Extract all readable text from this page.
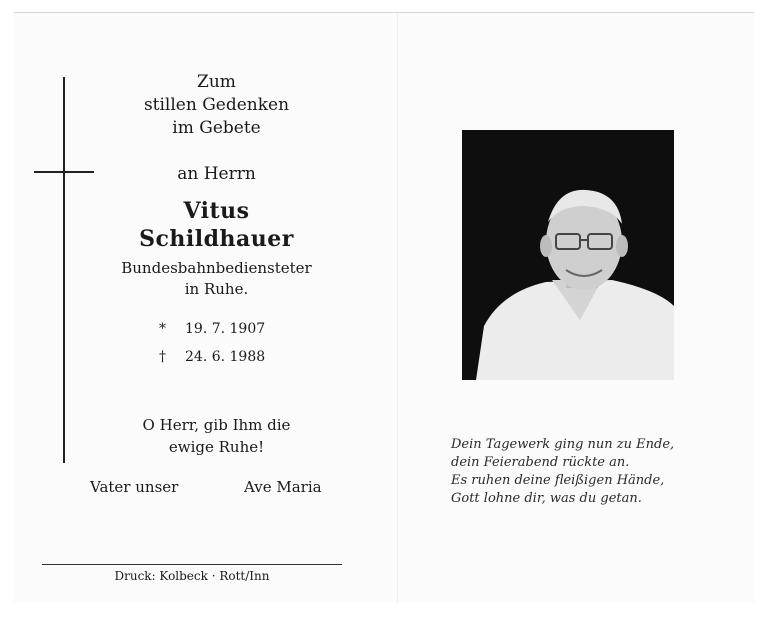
Zum
stillen Gedenken
im Gebete
an Herrn
Vitus
Schildhauer
Bundesbahnbediensteter
in Ruhe.
* 19. 7. 1907
† 24. 6. 1988
O Herr, gib Ihm die
ewige Ruhe!
Vater unser	Ave Maria
Druck: Kolbeck · Rott/Inn
Dein Tagewerk ging nun zu Ende,
dein Feierabend rückte an.
Es ruhen deine fleißigen Hände,
Gott lohne dir, was du getan.
